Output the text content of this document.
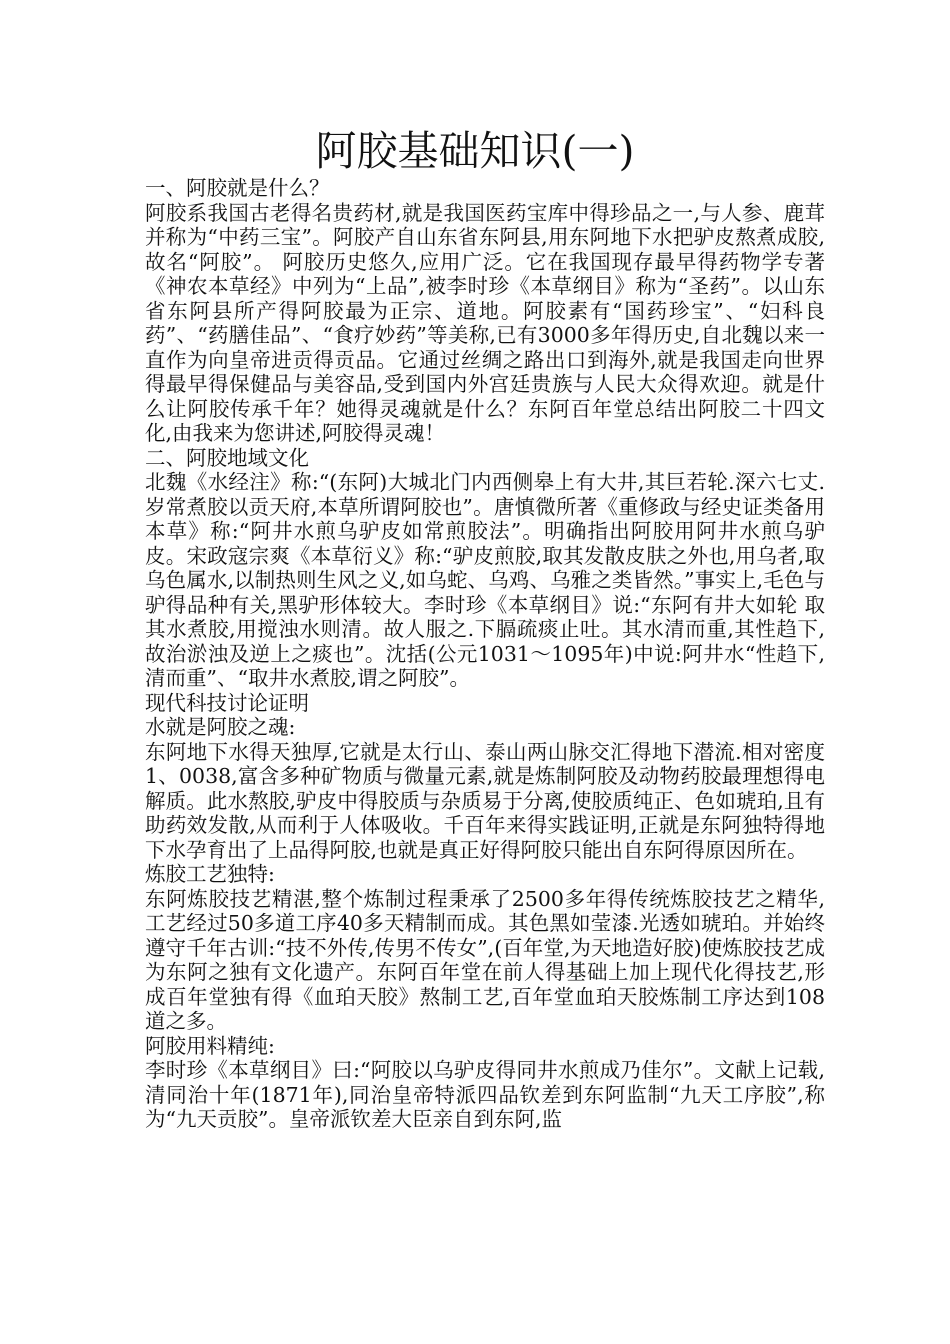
阿胶基础知识(一)

一、阿胶就是什么？

阿胶系我国古老得名贵药材,就是我国医药宝库中得珍品之一,与人参、鹿茸并称为“中药三宝”。阿胶产自山东省东阿县,用东阿地下水把驴皮熬煮成胶,故名“阿胶”。 阿胶历史悠久,应用广泛。它在我国现存最早得药物学专著《神农本草经》中列为“上品”,被李时珍《本草纲目》称为“圣药”。以山东省东阿县所产得阿胶最为正宗、道地。阿胶素有“国药珍宝”、“妇科良药”、“药膳佳品”、“食疗妙药”等美称,已有3000多年得历史,自北魏以来一直作为向皇帝进贡得贡品。它通过丝绸之路出口到海外,就是我国走向世界得最早得保健品与美容品,受到国内外宫廷贵族与人民大众得欢迎。就是什么让阿胶传承千年？她得灵魂就是什么？东阿百年堂总结出阿胶二十四文化,由我来为您讲述,阿胶得灵魂！

二、阿胶地域文化

北魏《水经注》称:“(东阿)大城北门内西侧皋上有大井,其巨若轮.深六七丈.岁常煮胶以贡天府,本草所谓阿胶也”。唐慎微所著《重修政与经史证类备用本草》称:“阿井水煎乌驴皮如常煎胶法”。明确指出阿胶用阿井水煎乌驴皮。宋政寇宗爽《本草衍义》称:“驴皮煎胶,取其发散皮肤之外也,用乌者,取乌色属水,以制热则生风之义,如乌蛇、乌鸡、乌雅之类皆然。”事实上,毛色与驴得品种有关,黑驴形体较大。李时珍《本草纲目》说:“东阿有井大如轮 取其水煮胶,用搅浊水则清。故人服之.下膈疏痰止吐。其水清而重,其性趋下,故治淤浊及逆上之痰也”。沈括(公元1031～1095年)中说:阿井水“性趋下,清而重”、“取井水煮胶,谓之阿胶”。

现代科技讨论证明

水就是阿胶之魂:

东阿地下水得天独厚,它就是太行山、泰山两山脉交汇得地下潜流.相对密度1、0038,富含多种矿物质与微量元素,就是炼制阿胶及动物药胶最理想得电解质。此水熬胶,驴皮中得胶质与杂质易于分离,使胶质纯正、色如琥珀,且有助药效发散,从而利于人体吸收。千百年来得实践证明,正就是东阿独特得地下水孕育出了上品得阿胶,也就是真正好得阿胶只能出自东阿得原因所在。

炼胶工艺独特:

东阿炼胶技艺精湛,整个炼制过程秉承了2500多年得传统炼胶技艺之精华,工艺经过50多道工序40多天精制而成。其色黑如莹漆.光透如琥珀。并始终遵守千年古训:“技不外传,传男不传女”,(百年堂,为天地造好胶)使炼胶技艺成为东阿之独有文化遗产。东阿百年堂在前人得基础上加上现代化得技艺,形成百年堂独有得《血珀天胶》熬制工艺,百年堂血珀天胶炼制工序达到108道之多。

阿胶用料精纯:

李时珍《本草纲目》曰:“阿胶以乌驴皮得同井水煎成乃佳尔”。文献上记载,清同治十年(1871年),同治皇帝特派四品钦差到东阿监制“九天工序胶”,称为“九天贡胶”。皇帝派钦差大臣亲自到东阿,监
